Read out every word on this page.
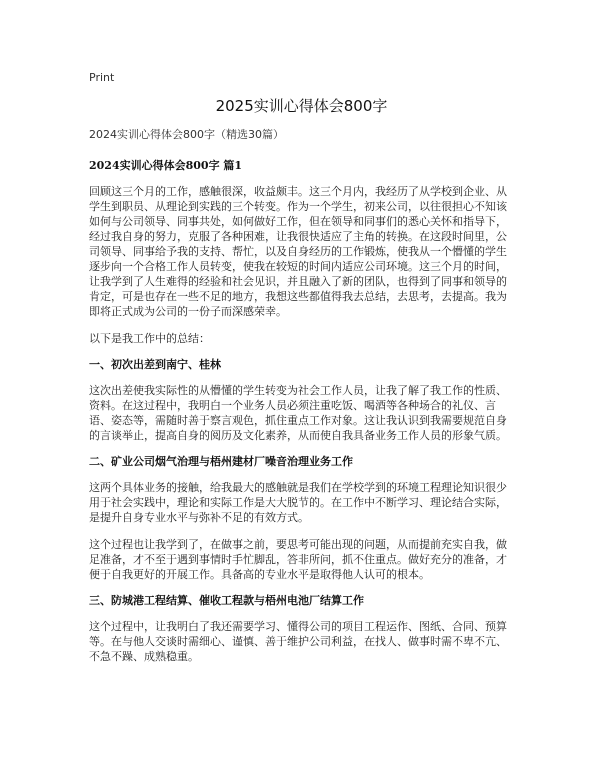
Print
2025实训心得体会800字

2024实训心得体会800字（精选30篇）

2024实训心得体会800字 篇1

回顾这三个月的工作，感触很深，收益颇丰。这三个月内，我经历了从学校到企业、从学生到职员、从理论到实践的三个转变。作为一个学生，初来公司，以往很担心不知该如何与公司领导、同事共处，如何做好工作，但在领导和同事们的悉心关怀和指导下，经过我自身的努力，克服了各种困难，让我很快适应了主角的转换。在这段时间里，公司领导、同事给予我的支持、帮忙，以及自身经历的工作锻炼，使我从一个懵懂的学生逐步向一个合格工作人员转变，使我在较短的时间内适应公司环境。这三个月的时间，让我学到了人生难得的经验和社会见识，并且融入了新的团队，也得到了同事和领导的肯定，可是也存在一些不足的地方，我想这些都值得我去总结，去思考，去提高。我为即将正式成为公司的一份子而深感荣幸。

以下是我工作中的总结：

一、初次出差到南宁、桂林

这次出差使我实际性的从懵懂的学生转变为社会工作人员，让我了解了我工作的性质、资料。在这过程中，我明白一个业务人员必须注重吃饭、喝酒等各种场合的礼仪、言语、姿态等，需随时善于察言观色，抓住重点工作对象。这让我认识到我需要规范自身的言谈举止，提高自身的阅历及文化素养，从而使自我具备业务工作人员的形象气质。

二、矿业公司烟气治理与梧州建材厂噪音治理业务工作

这两个具体业务的接触，给我最大的感触就是我们在学校学到的环境工程理论知识很少用于社会实践中，理论和实际工作是大大脱节的。在工作中不断学习、理论结合实际，是提升自身专业水平与弥补不足的有效方式。

这个过程也让我学到了，在做事之前，要思考可能出现的问题，从而提前充实自我，做足准备，才不至于遇到事情时手忙脚乱，答非所问，抓不住重点。做好充分的准备，才便于自我更好的开展工作。具备高的专业水平是取得他人认可的根本。

三、防城港工程结算、催收工程款与梧州电池厂结算工作

这个过程中，让我明白了我还需要学习、懂得公司的项目工程运作、图纸、合同、预算等。在与他人交谈时需细心、谨慎、善于维护公司利益，在找人、做事时需不卑不亢、不急不躁、成熟稳重。
